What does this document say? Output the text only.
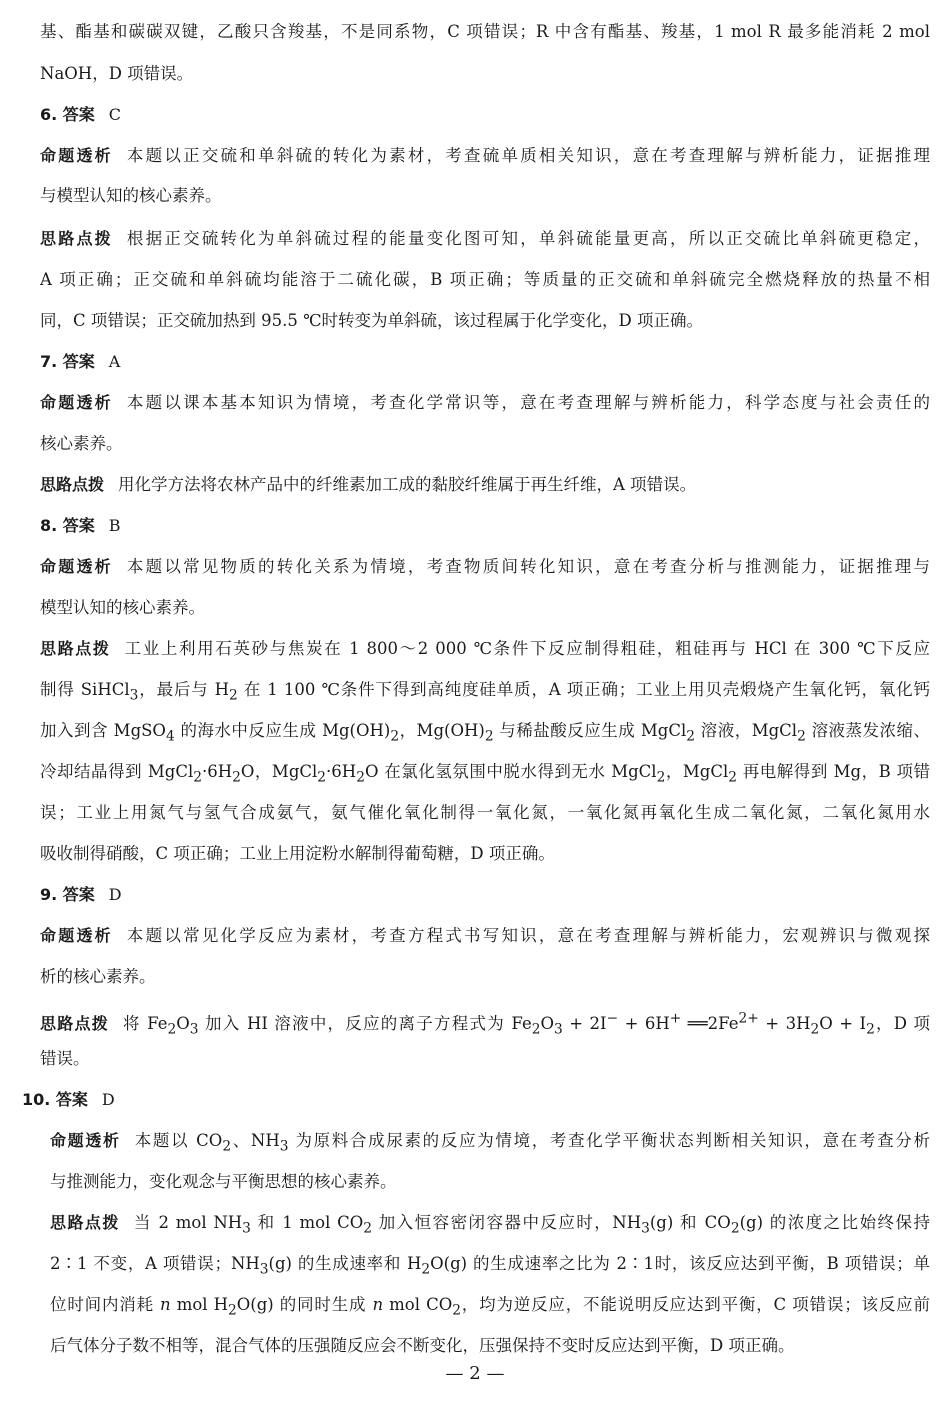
基、酯基和碳碳双键，乙酸只含羧基，不是同系物，C 项错误；R 中含有酯基、羧基，1 mol R 最多能消耗 2 mol
NaOH，D 项错误。
6. 答案 C
命题透析 本题以正交硫和单斜硫的转化为素材，考查硫单质相关知识，意在考查理解与辨析能力，证据推理
与模型认知的核心素养。
思路点拨 根据正交硫转化为单斜硫过程的能量变化图可知，单斜硫能量更高，所以正交硫比单斜硫更稳定，
A 项正确；正交硫和单斜硫均能溶于二硫化碳，B 项正确；等质量的正交硫和单斜硫完全燃烧释放的热量不相
同，C 项错误；正交硫加热到 95.5 ℃时转变为单斜硫，该过程属于化学变化，D 项正确。
7. 答案 A
命题透析 本题以课本基本知识为情境，考查化学常识等，意在考查理解与辨析能力，科学态度与社会责任的
核心素养。
思路点拨 用化学方法将农林产品中的纤维素加工成的黏胶纤维属于再生纤维，A 项错误。
8. 答案 B
命题透析 本题以常见物质的转化关系为情境，考查物质间转化知识，意在考查分析与推测能力，证据推理与
模型认知的核心素养。
思路点拨 工业上利用石英砂与焦炭在 1 800～2 000 ℃条件下反应制得粗硅，粗硅再与 HCl 在 300 ℃下反应
制得 SiHCl$_3$，最后与 $H_2$ 在 1 100 ℃条件下得到高纯度硅单质，A 项正确；工业上用贝壳煅烧产生氧化钙，氧化钙
加入到含 MgSO$_4$ 的海水中反应生成 $Mg(OH)_2$，$Mg(OH)_2$ 与稀盐酸反应生成 MgCl$_2$ 溶液，MgCl$_2$ 溶液蒸发浓缩、
冷却结晶得到 $MgCl_2\cdot 6H_2O$，$MgCl_2\cdot 6H_2O$ 在氯化氢氛围中脱水得到无水 MgCl$_2$，MgCl$_2$ 再电解得到 Mg，B 项错
误；工业上用氮气与氢气合成氨气，氨气催化氧化制得一氧化氮，一氧化氮再氧化生成二氧化氮，二氧化氮用水
吸收制得硝酸，C 项正确；工业上用淀粉水解制得葡萄糖，D 项正确。
9. 答案 D
命题透析 本题以常见化学反应为素材，考查方程式书写知识，意在考查理解与辨析能力，宏观辨识与微观探
析的核心素养。
思路点拨 将 $Fe_2O_3$ 加入 HI 溶液中，反应的离子方程式为 $Fe_2O_3 + 2I^- + 6H^+$ $══2Fe^{2+} + 3H_2O + I_2$，D 项
错误。
10. 答案 D
命题透析 本题以 $CO_2$、$NH_3$ 为原料合成尿素的反应为情境，考查化学平衡状态判断相关知识，意在考查分析
与推测能力，变化观念与平衡思想的核心素养。
思路点拨 当 2 mol $NH_3$ 和 1 mol $CO_2$ 加入恒容密闭容器中反应时，$NH_3(g)$ 和 $CO_2(g)$ 的浓度之比始终保持
2∶1 不变，A 项错误；$NH_3(g)$ 的生成速率和 $H_2O(g)$ 的生成速率之比为 2∶1时，该反应达到平衡，B 项错误；单
位时间内消耗 n mol $H_2O(g)$ 的同时生成 n mol $CO_2$，均为逆反应，不能说明反应达到平衡，C 项错误；该反应前
后气体分子数不相等，混合气体的压强随反应会不断变化，压强保持不变时反应达到平衡，D 项正确。
— 2 —
